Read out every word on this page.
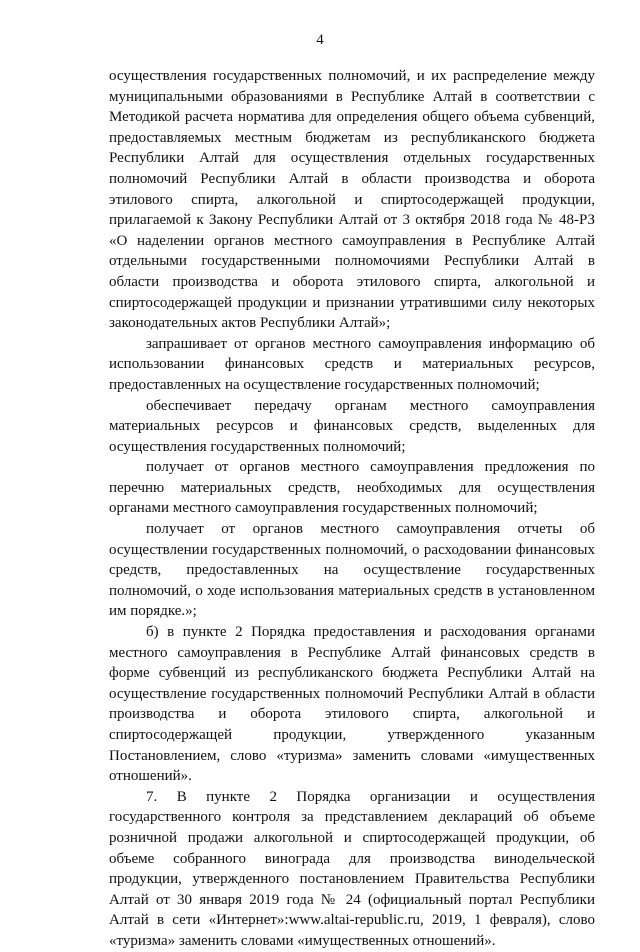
4

осуществления государственных полномочий, и их распределение между муниципальными образованиями в Республике Алтай в соответствии с Методикой расчета норматива для определения общего объема субвенций, предоставляемых местным бюджетам из республиканского бюджета Республики Алтай для осуществления отдельных государственных полномочий Республики Алтай в области производства и оборота этилового спирта, алкогольной и спиртосодержащей продукции, прилагаемой к Закону Республики Алтай от 3 октября 2018 года № 48-РЗ «О наделении органов местного самоуправления в Республике Алтай отдельными государственными полномочиями Республики Алтай в области производства и оборота этилового спирта, алкогольной и спиртосодержащей продукции и признании утратившими силу некоторых законодательных актов Республики Алтай»;

запрашивает от органов местного самоуправления информацию об использовании финансовых средств и материальных ресурсов, предоставленных на осуществление государственных полномочий;

обеспечивает передачу органам местного самоуправления материальных ресурсов и финансовых средств, выделенных для осуществления государственных полномочий;

получает от органов местного самоуправления предложения по перечню материальных средств, необходимых для осуществления органами местного самоуправления государственных полномочий;

получает от органов местного самоуправления отчеты об осуществлении государственных полномочий, о расходовании финансовых средств, предоставленных на осуществление государственных полномочий, о ходе использования материальных средств в установленном им порядке.»;

б) в пункте 2 Порядка предоставления и расходования органами местного самоуправления в Республике Алтай финансовых средств в форме субвенций из республиканского бюджета Республики Алтай на осуществление государственных полномочий Республики Алтай в области производства и оборота этилового спирта, алкогольной и спиртосодержащей продукции, утвержденного указанным Постановлением, слово «туризма» заменить словами «имущественных отношений».

7. В пункте 2 Порядка организации и осуществления государственного контроля за представлением деклараций об объеме розничной продажи алкогольной и спиртосодержащей продукции, об объеме собранного винограда для производства винодельческой продукции, утвержденного постановлением Правительства Республики Алтай от 30 января 2019 года № 24 (официальный портал Республики Алтай в сети «Интернет»:www.altai-republic.ru, 2019, 1 февраля), слово «туризма» заменить словами «имущественных отношений».
